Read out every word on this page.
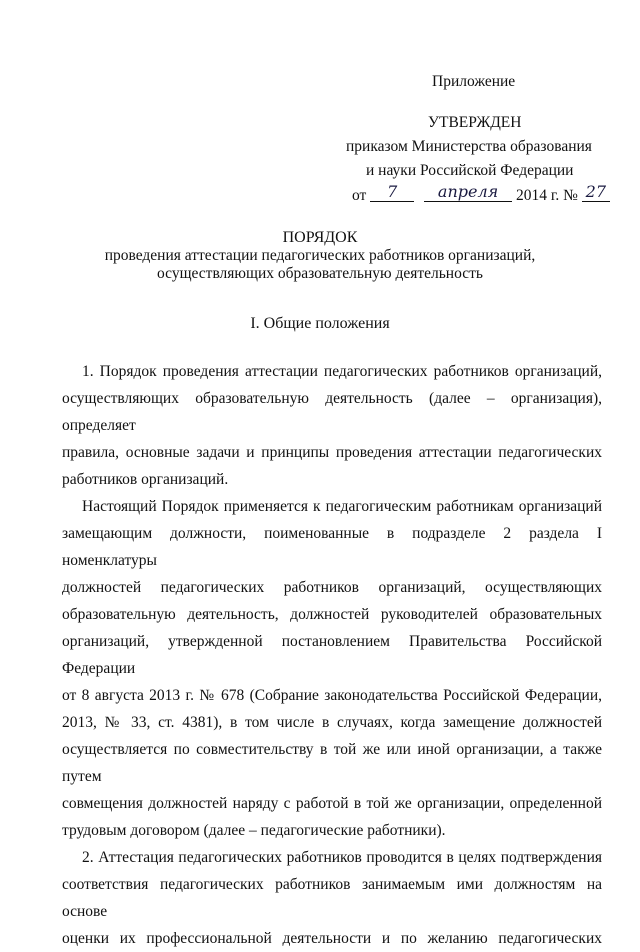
Приложение
УТВЕРЖДЕН
приказом Министерства образования
и науки Российской Федерации
от 7	апреля 2014 г. № 27
ПОРЯДОК
проведения аттестации педагогических работников организаций,
осуществляющих образовательную деятельность
I. Общие положения

1. Порядок проведения аттестации педагогических работников организаций,

осуществляющих образовательную деятельность (далее – организация), определяет

правила, основные задачи и принципы проведения аттестации педагогических

работников организаций.

Настоящий Порядок применяется к педагогическим работникам организаций

замещающим должности, поименованные в подразделе 2 раздела I номенклатуры

должностей педагогических работников организаций, осуществляющих

образовательную деятельность, должностей руководителей образовательных

организаций, утвержденной постановлением Правительства Российской Федерации

от 8 августа 2013 г. № 678 (Собрание законодательства Российской Федерации,

2013, № 33, ст. 4381), в том числе в случаях, когда замещение должностей

осуществляется по совместительству в той же или иной организации, а также путем

совмещения должностей наряду с работой в той же организации, определенной

трудовым договором (далее – педагогические работники).

2. Аттестация педагогических работников проводится в целях подтверждения

соответствия педагогических работников занимаемым ими должностям на основе

оценки их профессиональной деятельности и по желанию педагогических
